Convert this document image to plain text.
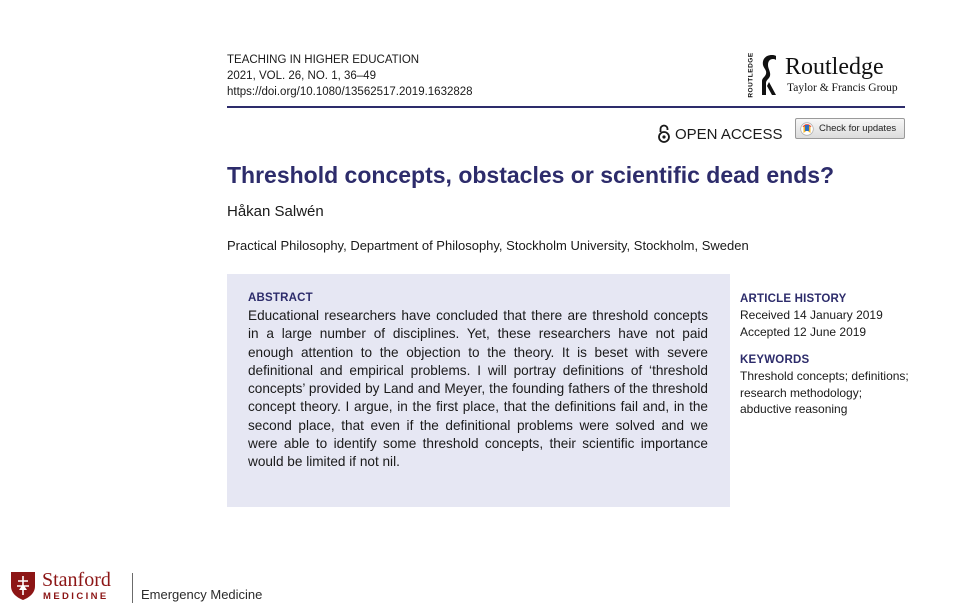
TEACHING IN HIGHER EDUCATION
2021, VOL. 26, NO. 1, 36–49
https://doi.org/10.1080/13562517.2019.1632828	ROUTLEDGE Routledge
Taylor & Francis Group
OPEN ACCESS	Check for updates
Threshold concepts, obstacles or scientific dead ends?
Håkan Salwén
Practical Philosophy, Department of Philosophy, Stockholm University, Stockholm, Sweden
ABSTRACT
Educational researchers have concluded that there are threshold concepts in a large number of disciplines. Yet, these researchers have not paid enough attention to the objection to the theory. It is beset with severe definitional and empirical problems. I will portray definitions of ‘threshold concepts’ provided by Land and Meyer, the founding fathers of the threshold concept theory. I argue, in the first place, that the definitions fail and, in the second place, that even if the definitional problems were solved and we were able to identify some threshold concepts, their scientific importance would be limited if not nil.
ARTICLE HISTORY
Received 14 January 2019
Accepted 12 June 2019
KEYWORDS
Threshold concepts; definitions; research methodology; abductive reasoning
Stanford
MEDICINE Emergency Medicine
